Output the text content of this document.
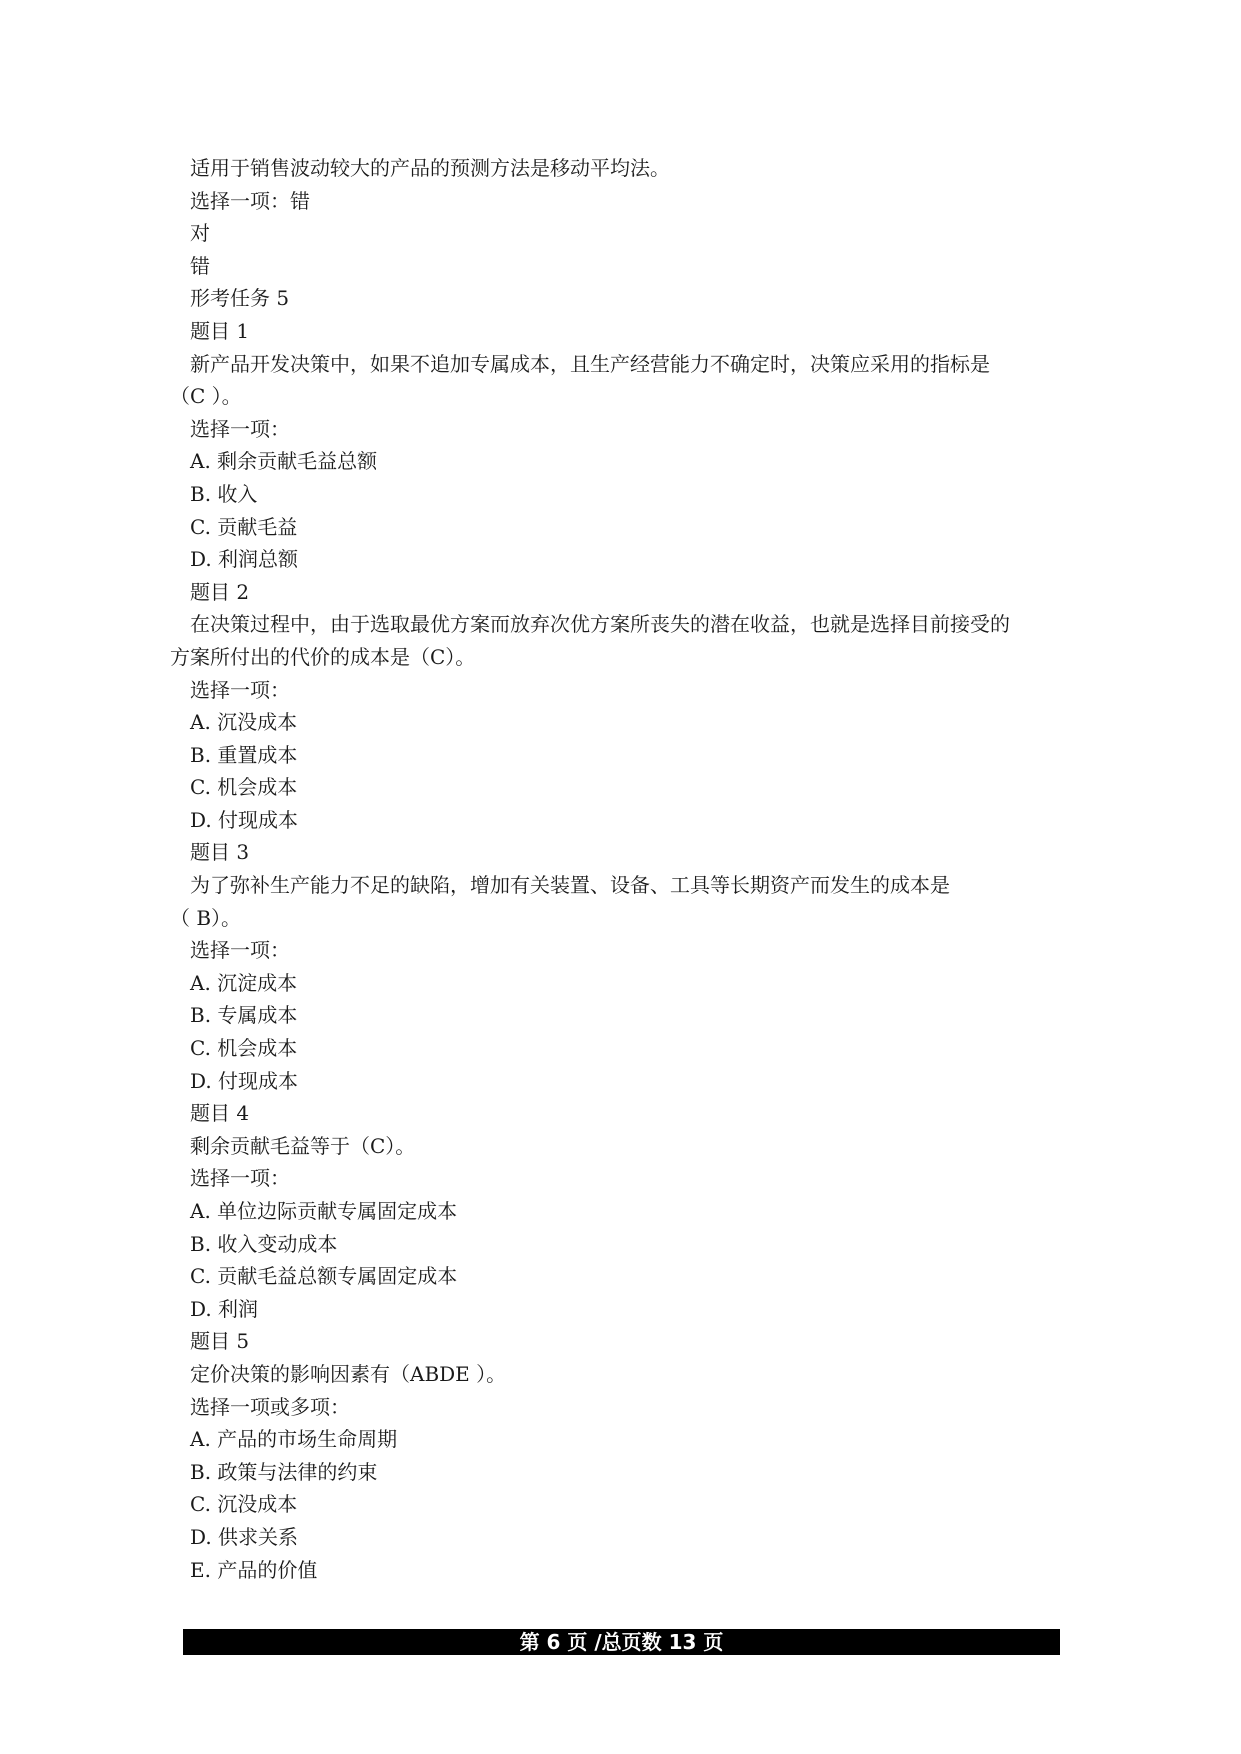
适用于销售波动较大的产品的预测方法是移动平均法。
选择一项：错
对
错
形考任务 5
题目 1
新产品开发决策中，如果不追加专属成本，且生产经营能力不确定时，决策应采用的指标是
（C ）。
选择一项：
A. 剩余贡献毛益总额
B. 收入
C. 贡献毛益
D. 利润总额
题目 2
在决策过程中，由于选取最优方案而放弃次优方案所丧失的潜在收益，也就是选择目前接受的
方案所付出的代价的成本是（C）。
选择一项：
A. 沉没成本
B. 重置成本
C. 机会成本
D. 付现成本
题目 3
为了弥补生产能力不足的缺陷，增加有关装置、设备、工具等长期资产而发生的成本是
（ B）。
选择一项：
A. 沉淀成本
B. 专属成本
C. 机会成本
D. 付现成本
题目 4
剩余贡献毛益等于（C）。
选择一项：
A. 单位边际贡献专属固定成本
B. 收入变动成本
C. 贡献毛益总额专属固定成本
D. 利润
题目 5
定价决策的影响因素有（ABDE ）。
选择一项或多项：
A. 产品的市场生命周期
B. 政策与法律的约束
C. 沉没成本
D. 供求关系
E. 产品的价值
第 6 页 /总页数 13 页
